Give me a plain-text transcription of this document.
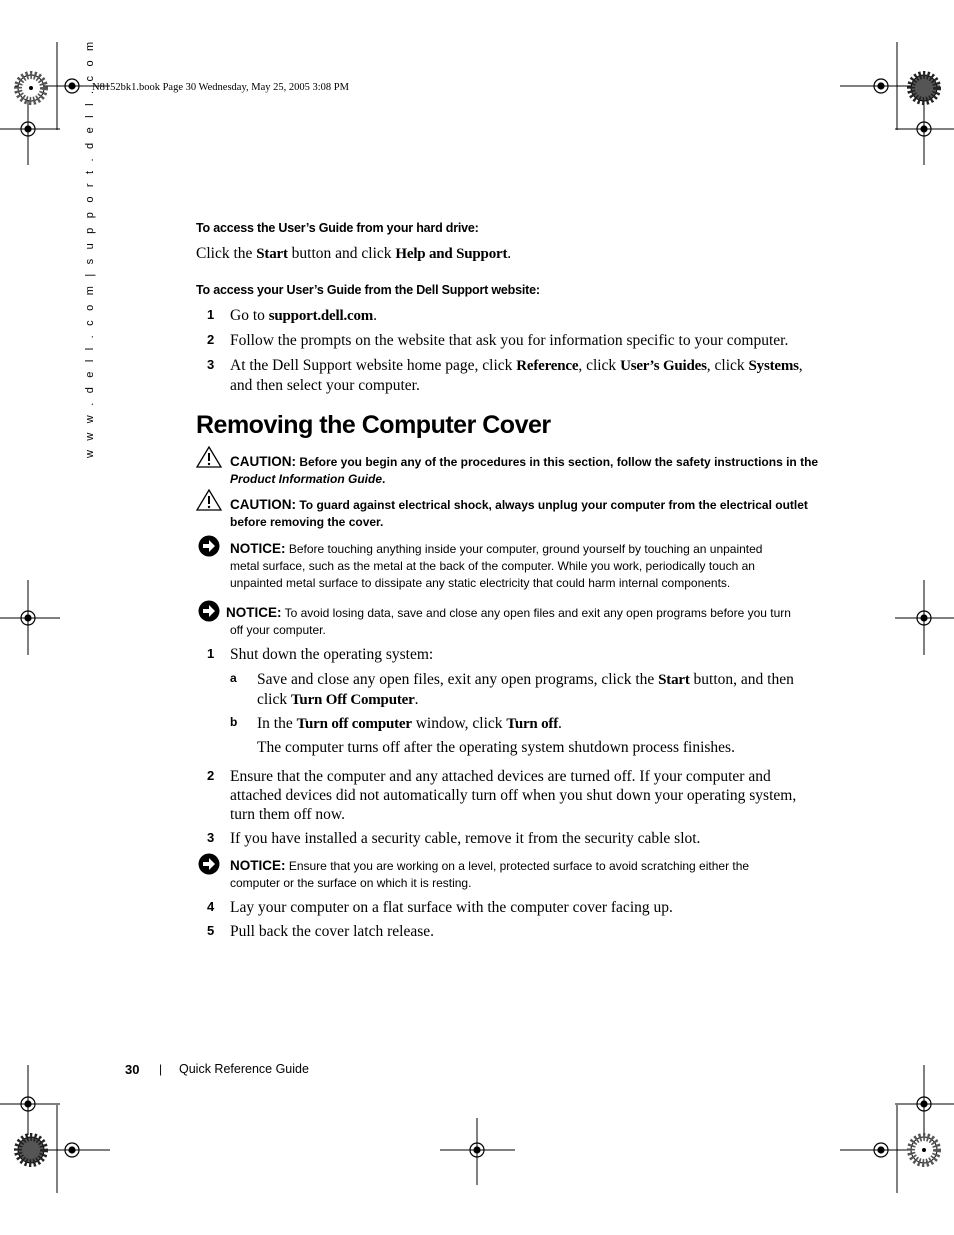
N8152bk1.book Page 30 Wednesday, May 25, 2005 3:08 PM
w w w . d e l l . c o m | s u p p o r t . d e l l . c o m	To access the User’s Guide from your hard drive:
Click the Start button and click Help and Support.
To access your User’s Guide from the Dell Support website:
1 Go to support.dell.com.
2 Follow the prompts on the website that ask you for information specific to your computer.
3 At the Dell Support website home page, click Reference, click User’s Guides, click Systems,
and then select your computer.
Removing the Computer Cover
CAUTION: Before you begin any of the procedures in this section, follow the safety instructions in the
Product Information Guide.
CAUTION: To guard against electrical shock, always unplug your computer from the electrical outlet
before removing the cover.
NOTICE: Before touching anything inside your computer, ground yourself by touching an unpainted
metal surface, such as the metal at the back of the computer. While you work, periodically touch an
unpainted metal surface to dissipate any static electricity that could harm internal components.
NOTICE: To avoid losing data, save and close any open files and exit any open programs before you turn
off your computer.
1 Shut down the operating system:
a Save and close any open files, exit any open programs, click the Start button, and then
click Turn Off Computer.
b In the Turn off computer window, click Turn off.
The computer turns off after the operating system shutdown process finishes.
2 Ensure that the computer and any attached devices are turned off. If your computer and
attached devices did not automatically turn off when you shut down your operating system,
turn them off now.
3 If you have installed a security cable, remove it from the security cable slot.
NOTICE: Ensure that you are working on a level, protected surface to avoid scratching either the
computer or the surface on which it is resting.
4 Lay your computer on a flat surface with the computer cover facing up.
5 Pull back the cover latch release.
30 | Quick Reference Guide
